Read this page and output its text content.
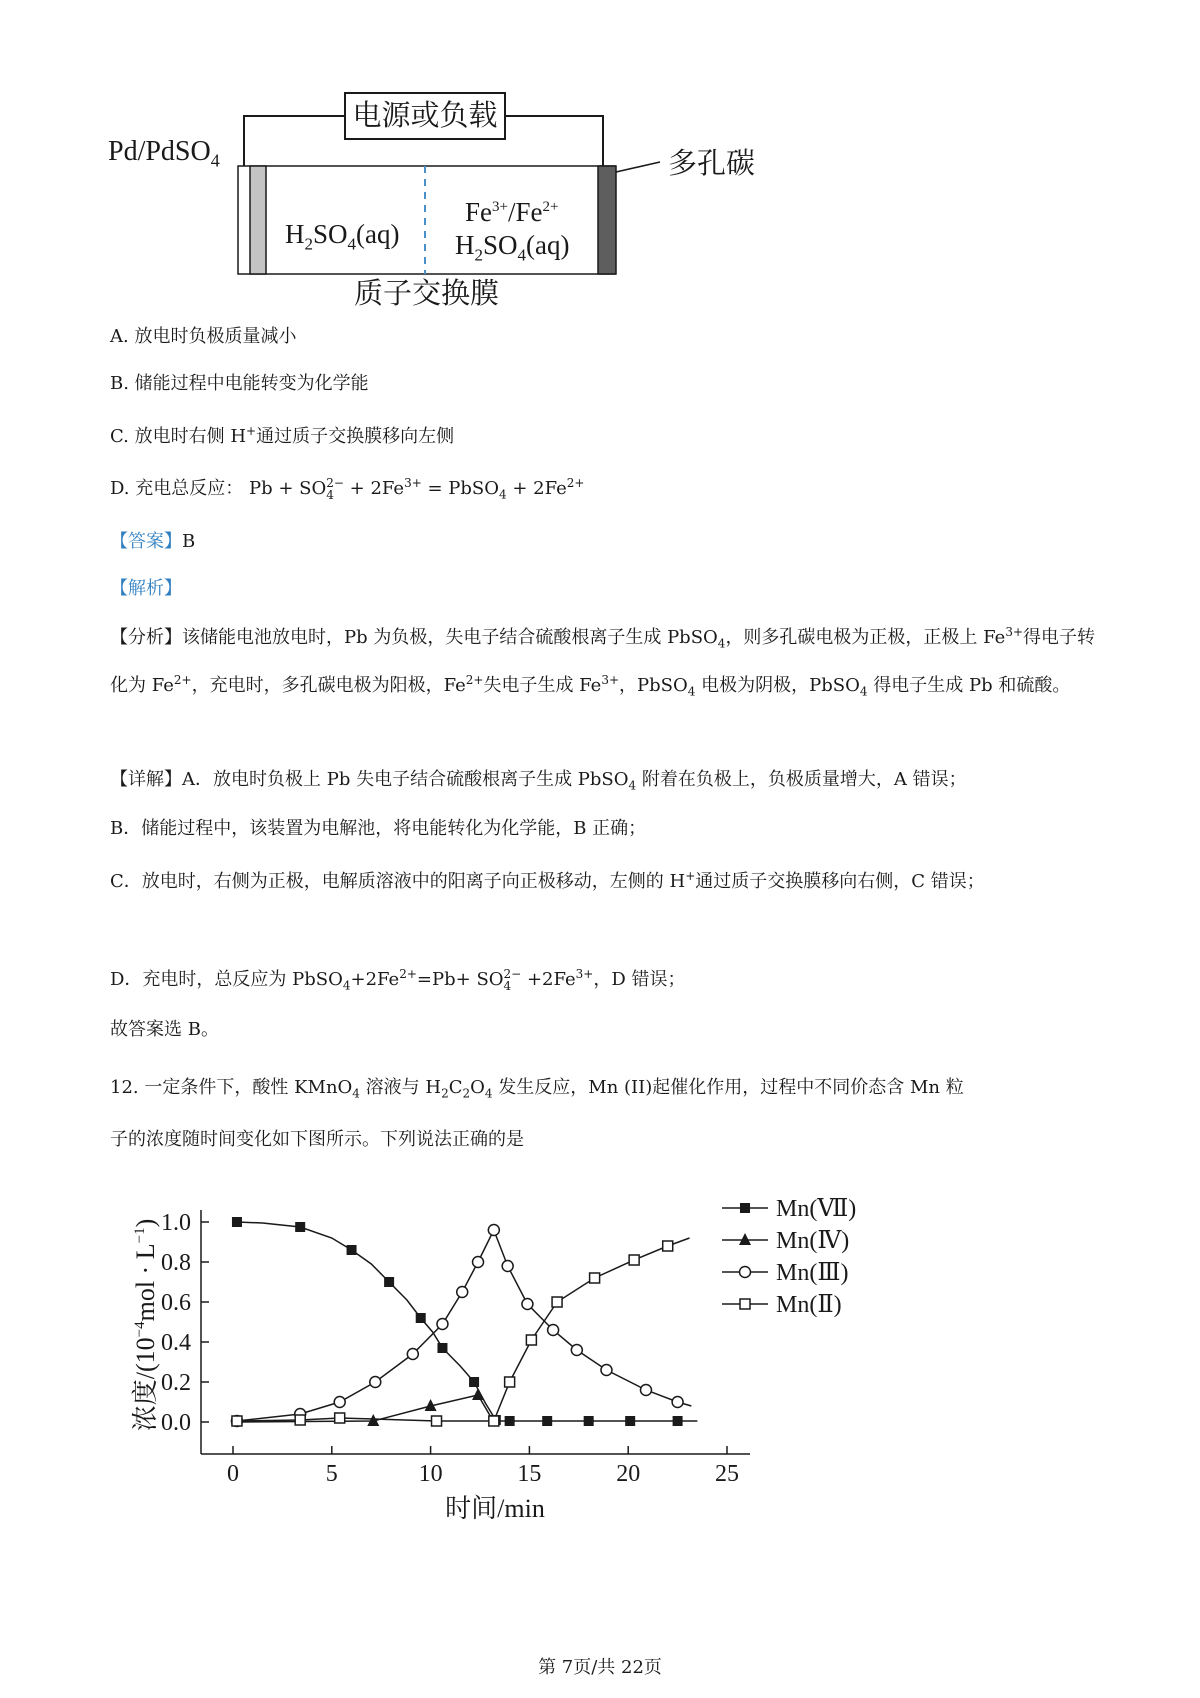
电源或负载
Pd/PdSO$_4$	多孔碳
$H_2SO_4(aq)$
$Fe^{3+}/Fe^{2+}$
$H_2SO_4(aq)$
质子交换膜
A. 放电时负极质量减小
B. 储能过程中电能转变为化学能
C. 放电时右侧 H+通过质子交换膜移向左侧
D. 充电总反应： Pb + SO 2−
$4 + 2Fe^{3+}$ = PbSO$_4$ + $2Fe^{2+}$
【答案】B
【解析】
【分析】该储能电池放电时，Pb 为负极，失电子结合硫酸根离子生成 PbSO$_4$，则多孔碳电极为正极，正极上 $Fe^{3+}$得电子转化为 $Fe^{2+}$，充电时，多孔碳电极为阳极，$Fe^{2+}$失电子生成 $Fe^{3+}$，PbSO$_4$ 电极为阴极，PbSO$_4$ 得电子生成 Pb 和硫酸。
【详解】A．放电时负极上 Pb 失电子结合硫酸根离子生成 PbSO$_4$ 附着在负极上，负极质量增大，A 错误；
B．储能过程中，该装置为电解池，将电能转化为化学能，B 正确；
C．放电时，右侧为正极，电解质溶液中的阳离子向正极移动，左侧的 H+通过质子交换膜移向右侧，C 错误；
D．充电时，总反应为 $PbSO_4+2Fe^{2+}=Pb+$ SO 2−
$4 +2Fe^{3+}$，D 错误；
故答案选 B。
12. 一定条件下，酸性 KMnO$_4$ 溶液与 $H_2C_2O_4$ 发生反应，Mn (II)起催化作用，过程中不同价态含 Mn 粒
子的浓度随时间变化如下图所示。下列说法正确的是
0	5	10	15	20	25
0.0
0.2
0.4
0.6
0.8
1.0
时间/min
浓度$/(10^{-4}mol \cdot L^{-1})$
Mn(Ⅶ)
Mn(Ⅳ)
Mn(Ⅲ)
Mn(Ⅱ)
第 7页/共 22页
